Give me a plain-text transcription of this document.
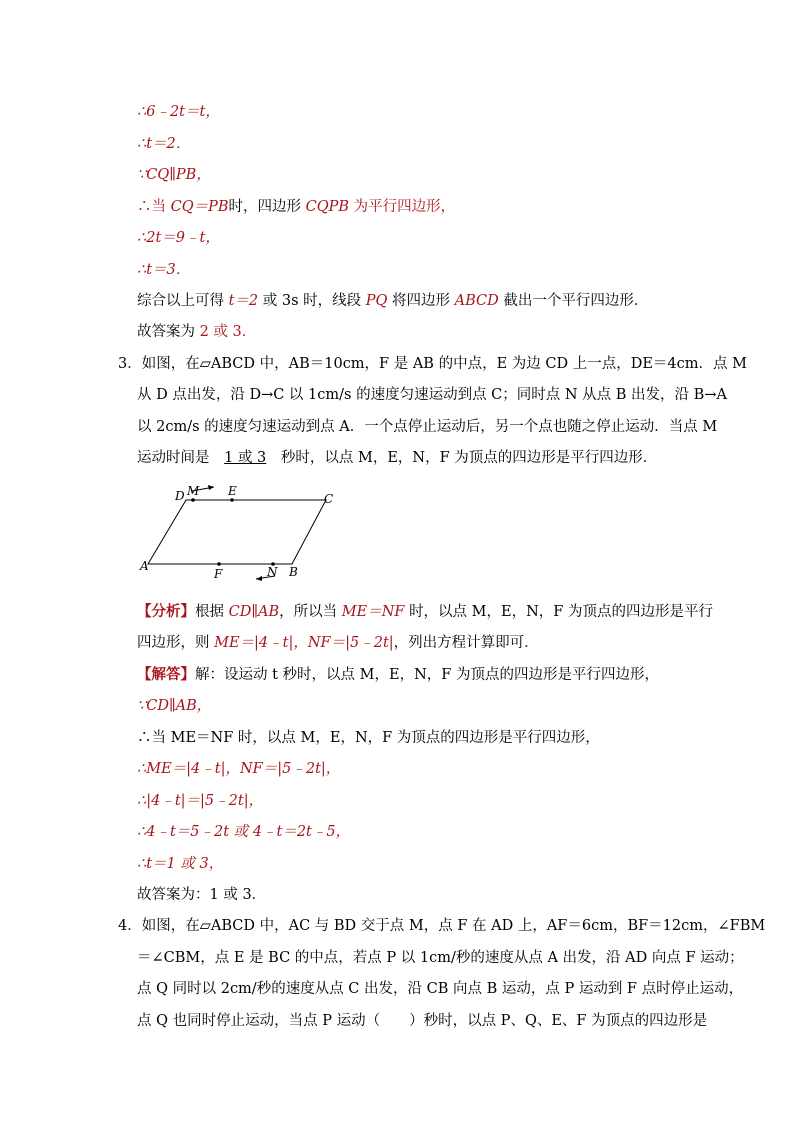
∴6﹣2t＝t，
∴t＝2．
∵CQ∥PB，
∴当 CQ＝PB时，四边形 CQPB 为平行四边形，
∴2t＝9﹣t，
∴t＝3．
综合以上可得 t＝2 或 3s 时，线段 PQ 将四边形 ABCD 截出一个平行四边形．
故答案为 2 或 3．
3．如图，在▱ABCD 中，AB＝10cm，F 是 AB 的中点，E 为边 CD 上一点，DE＝4cm．点 M
从 D 点出发，沿 D→C 以 1cm/s 的速度匀速运动到点 C；同时点 N 从点 B 出发，沿 B→A
以 2cm/s 的速度匀速运动到点 A．一个点停止运动后，另一个点也随之停止运动．当点 M
运动时间是 1 或 3 秒时，以点 M，E，N，F 为顶点的四边形是平行四边形．
D M E
C
A
F	N B
【分析】根据 CD∥AB，所以当 ME＝NF 时，以点 M，E，N，F 为顶点的四边形是平行
四边形，则 ME＝|4﹣t|，NF＝|5﹣2t|，列出方程计算即可．
【解答】解：设运动 t 秒时，以点 M，E，N，F 为顶点的四边形是平行四边形，
∵CD∥AB，
∴当 ME＝NF 时，以点 M，E，N，F 为顶点的四边形是平行四边形，
∴ME＝|4﹣t|，NF＝|5﹣2t|，
∴|4﹣t|＝|5﹣2t|，
∴4﹣t＝5﹣2t 或 4﹣t＝2t﹣5，
∴t＝1 或 3，
故答案为：1 或 3．
4．如图，在▱ABCD 中，AC 与 BD 交于点 M，点 F 在 AD 上，AF＝6cm，BF＝12cm，∠FBM
＝∠CBM，点 E 是 BC 的中点，若点 P 以 1cm/秒的速度从点 A 出发，沿 AD 向点 F 运动；
点 Q 同时以 2cm/秒的速度从点 C 出发，沿 CB 向点 B 运动，点 P 运动到 F 点时停止运动，
点 Q 也同时停止运动，当点 P 运动（　　）秒时，以点 P、Q、E、F 为顶点的四边形是
